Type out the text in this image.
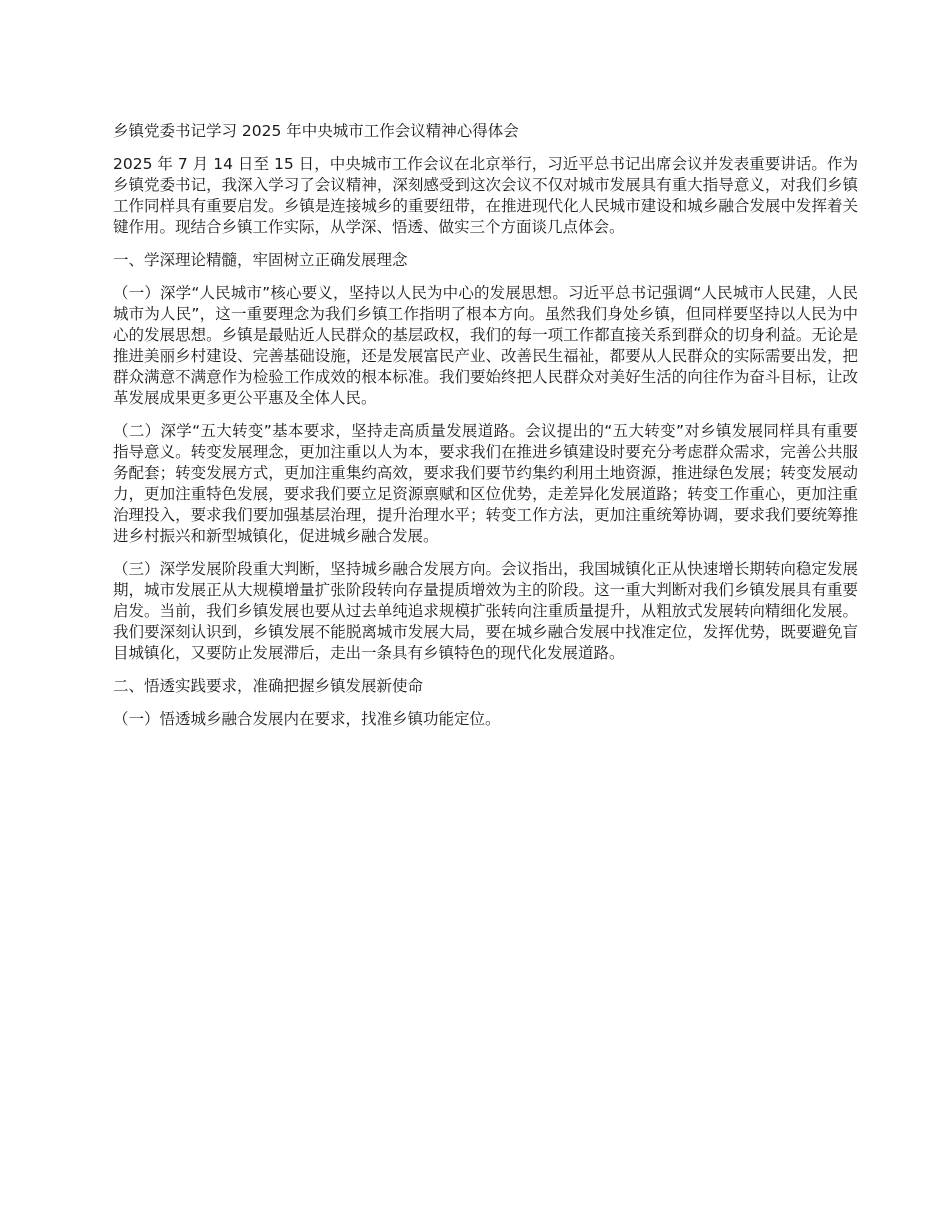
乡镇党委书记学习 2025 年中央城市工作会议精神心得体会

2025 年 7 月 14 日至 15 日，中央城市工作会议在北京举行，习近平总书记出席会议并发表重要讲话。作为乡镇党委书记，我深入学习了会议精神，深刻感受到这次会议不仅对城市发展具有重大指导意义，对我们乡镇工作同样具有重要启发。乡镇是连接城乡的重要纽带，在推进现代化人民城市建设和城乡融合发展中发挥着关键作用。现结合乡镇工作实际，从学深、悟透、做实三个方面谈几点体会。

一、学深理论精髓，牢固树立正确发展理念

（一）深学“人民城市”核心要义，坚持以人民为中心的发展思想。习近平总书记强调“人民城市人民建，人民城市为人民”，这一重要理念为我们乡镇工作指明了根本方向。虽然我们身处乡镇，但同样要坚持以人民为中心的发展思想。乡镇是最贴近人民群众的基层政权，我们的每一项工作都直接关系到群众的切身利益。无论是推进美丽乡村建设、完善基础设施，还是发展富民产业、改善民生福祉，都要从人民群众的实际需要出发，把群众满意不满意作为检验工作成效的根本标准。我们要始终把人民群众对美好生活的向往作为奋斗目标，让改革发展成果更多更公平惠及全体人民。

（二）深学“五大转变”基本要求，坚持走高质量发展道路。会议提出的“五大转变”对乡镇发展同样具有重要指导意义。转变发展理念，更加注重以人为本，要求我们在推进乡镇建设时要充分考虑群众需求，完善公共服务配套；转变发展方式，更加注重集约高效，要求我们要节约集约利用土地资源，推进绿色发展；转变发展动力，更加注重特色发展，要求我们要立足资源禀赋和区位优势，走差异化发展道路；转变工作重心，更加注重治理投入，要求我们要加强基层治理，提升治理水平；转变工作方法，更加注重统筹协调，要求我们要统筹推进乡村振兴和新型城镇化，促进城乡融合发展。

（三）深学发展阶段重大判断，坚持城乡融合发展方向。会议指出，我国城镇化正从快速增长期转向稳定发展期，城市发展正从大规模增量扩张阶段转向存量提质增效为主的阶段。这一重大判断对我们乡镇发展具有重要启发。当前，我们乡镇发展也要从过去单纯追求规模扩张转向注重质量提升，从粗放式发展转向精细化发展。我们要深刻认识到，乡镇发展不能脱离城市发展大局，要在城乡融合发展中找准定位，发挥优势，既要避免盲目城镇化，又要防止发展滞后，走出一条具有乡镇特色的现代化发展道路。

二、悟透实践要求，准确把握乡镇发展新使命

（一）悟透城乡融合发展内在要求，找准乡镇功能定位。
